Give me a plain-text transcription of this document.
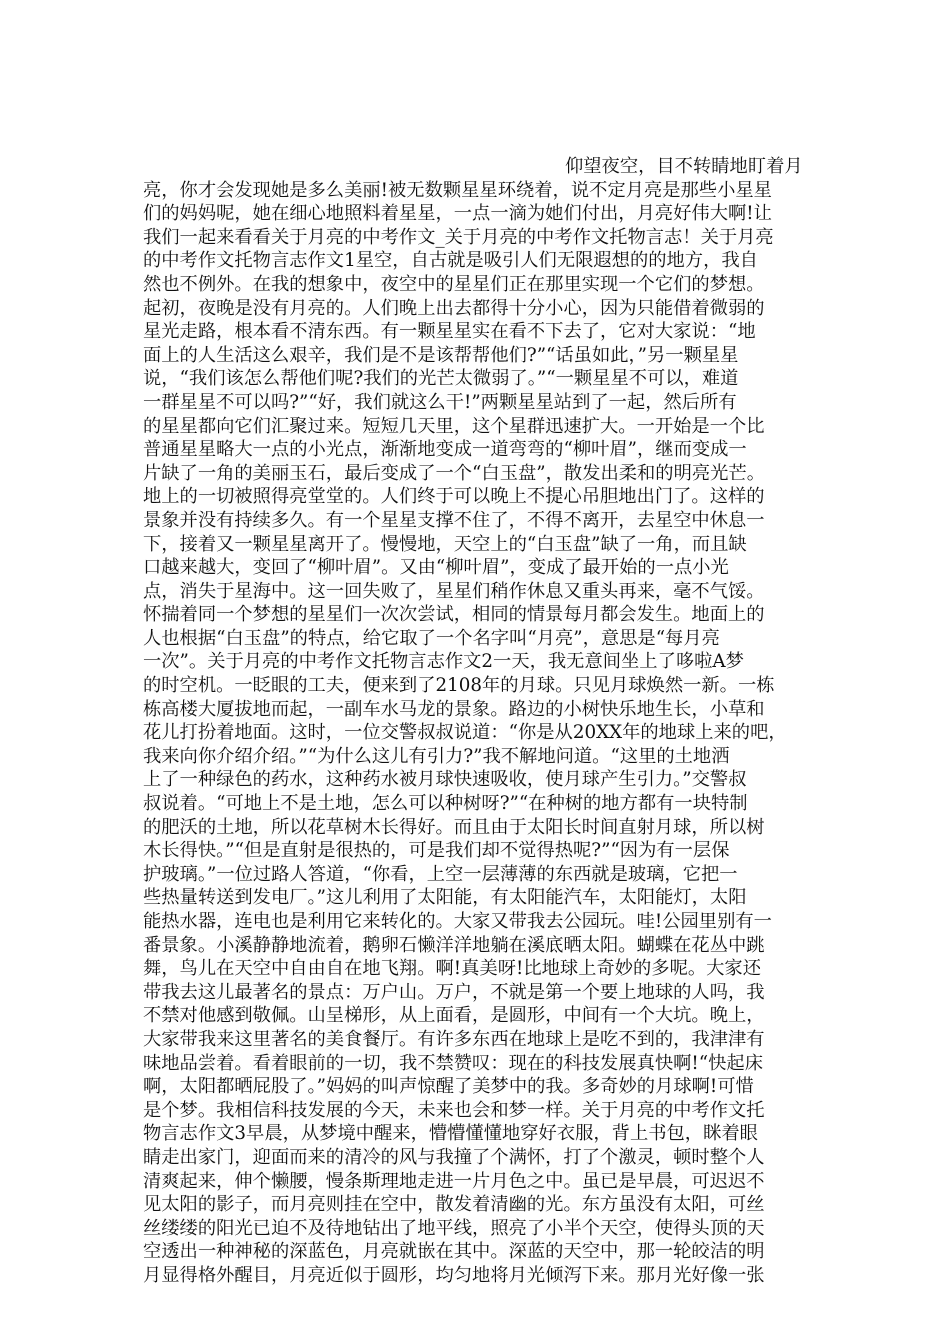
仰望夜空，目不转睛地盯着月
亮，你才会发现她是多么美丽!被无数颗星星环绕着，说不定月亮是那些小星星
们的妈妈呢，她在细心地照料着星星，一点一滴为她们付出，月亮好伟大啊!让
我们一起来看看关于月亮的中考作文_关于月亮的中考作文托物言志！关于月亮
的中考作文托物言志作文1星空，自古就是吸引人们无限遐想的的地方，我自
然也不例外。在我的想象中，夜空中的星星们正在那里实现一个它们的梦想。
起初，夜晚是没有月亮的。人们晚上出去都得十分小心，因为只能借着微弱的
星光走路，根本看不清东西。有一颗星星实在看不下去了，它对大家说：“地
面上的人生活这么艰辛，我们是不是该帮帮他们?”“话虽如此，”另一颗星星
说，“我们该怎么帮他们呢?我们的光芒太微弱了。”“一颗星星不可以，难道
一群星星不可以吗?”“好，我们就这么干!”两颗星星站到了一起，然后所有
的星星都向它们汇聚过来。短短几天里，这个星群迅速扩大。一开始是一个比
普通星星略大一点的小光点，渐渐地变成一道弯弯的“柳叶眉”，继而变成一
片缺了一角的美丽玉石，最后变成了一个“白玉盘”，散发出柔和的明亮光芒。
地上的一切被照得亮堂堂的。人们终于可以晚上不提心吊胆地出门了。这样的
景象并没有持续多久。有一个星星支撑不住了，不得不离开，去星空中休息一
下，接着又一颗星星离开了。慢慢地，天空上的“白玉盘”缺了一角，而且缺
口越来越大，变回了“柳叶眉”。又由“柳叶眉”，变成了最开始的一点小光
点，消失于星海中。这一回失败了，星星们稍作休息又重头再来，毫不气馁。
怀揣着同一个梦想的星星们一次次尝试，相同的情景每月都会发生。地面上的
人也根据“白玉盘”的特点，给它取了一个名字叫“月亮”，意思是“每月亮
一次”。关于月亮的中考作文托物言志作文2一天，我无意间坐上了哆啦A梦
的时空机。一眨眼的工夫，便来到了2108年的月球。只见月球焕然一新。一栋
栋高楼大厦拔地而起，一副车水马龙的景象。路边的小树快乐地生长，小草和
花儿打扮着地面。这时，一位交警叔叔说道：“你是从20XX年的地球上来的吧，
我来向你介绍介绍。”“为什么这儿有引力?”我不解地问道。“这里的土地洒
上了一种绿色的药水，这种药水被月球快速吸收，使月球产生引力。”交警叔
叔说着。“可地上不是土地，怎么可以种树呀?”“在种树的地方都有一块特制
的肥沃的土地，所以花草树木长得好。而且由于太阳长时间直射月球，所以树
木长得快。”“但是直射是很热的，可是我们却不觉得热呢?”“因为有一层保
护玻璃。”一位过路人答道，“你看，上空一层薄薄的东西就是玻璃，它把一
些热量转送到发电厂。”这儿利用了太阳能，有太阳能汽车，太阳能灯，太阳
能热水器，连电也是利用它来转化的。大家又带我去公园玩。哇!公园里别有一
番景象。小溪静静地流着，鹅卵石懒洋洋地躺在溪底晒太阳。蝴蝶在花丛中跳
舞，鸟儿在天空中自由自在地飞翔。啊!真美呀!比地球上奇妙的多呢。大家还
带我去这儿最著名的景点：万户山。万户，不就是第一个要上地球的人吗，我
不禁对他感到敬佩。山呈梯形，从上面看，是圆形，中间有一个大坑。晚上，
大家带我来这里著名的美食餐厅。有许多东西在地球上是吃不到的，我津津有
味地品尝着。看着眼前的一切，我不禁赞叹：现在的科技发展真快啊!“快起床
啊，太阳都晒屁股了。”妈妈的叫声惊醒了美梦中的我。多奇妙的月球啊!可惜
是个梦。我相信科技发展的今天，未来也会和梦一样。关于月亮的中考作文托
物言志作文3早晨，从梦境中醒来，懵懵懂懂地穿好衣服，背上书包，眯着眼
睛走出家门，迎面而来的清冷的风与我撞了个满怀，打了个激灵，顿时整个人
清爽起来，伸个懒腰，慢条斯理地走进一片月色之中。虽已是早晨，可迟迟不
见太阳的影子，而月亮则挂在空中，散发着清幽的光。东方虽没有太阳，可丝
丝缕缕的阳光已迫不及待地钻出了地平线，照亮了小半个天空，使得头顶的天
空透出一种神秘的深蓝色，月亮就嵌在其中。深蓝的天空中，那一轮皎洁的明
月显得格外醒目，月亮近似于圆形，均匀地将月光倾泻下来。那月光好像一张
